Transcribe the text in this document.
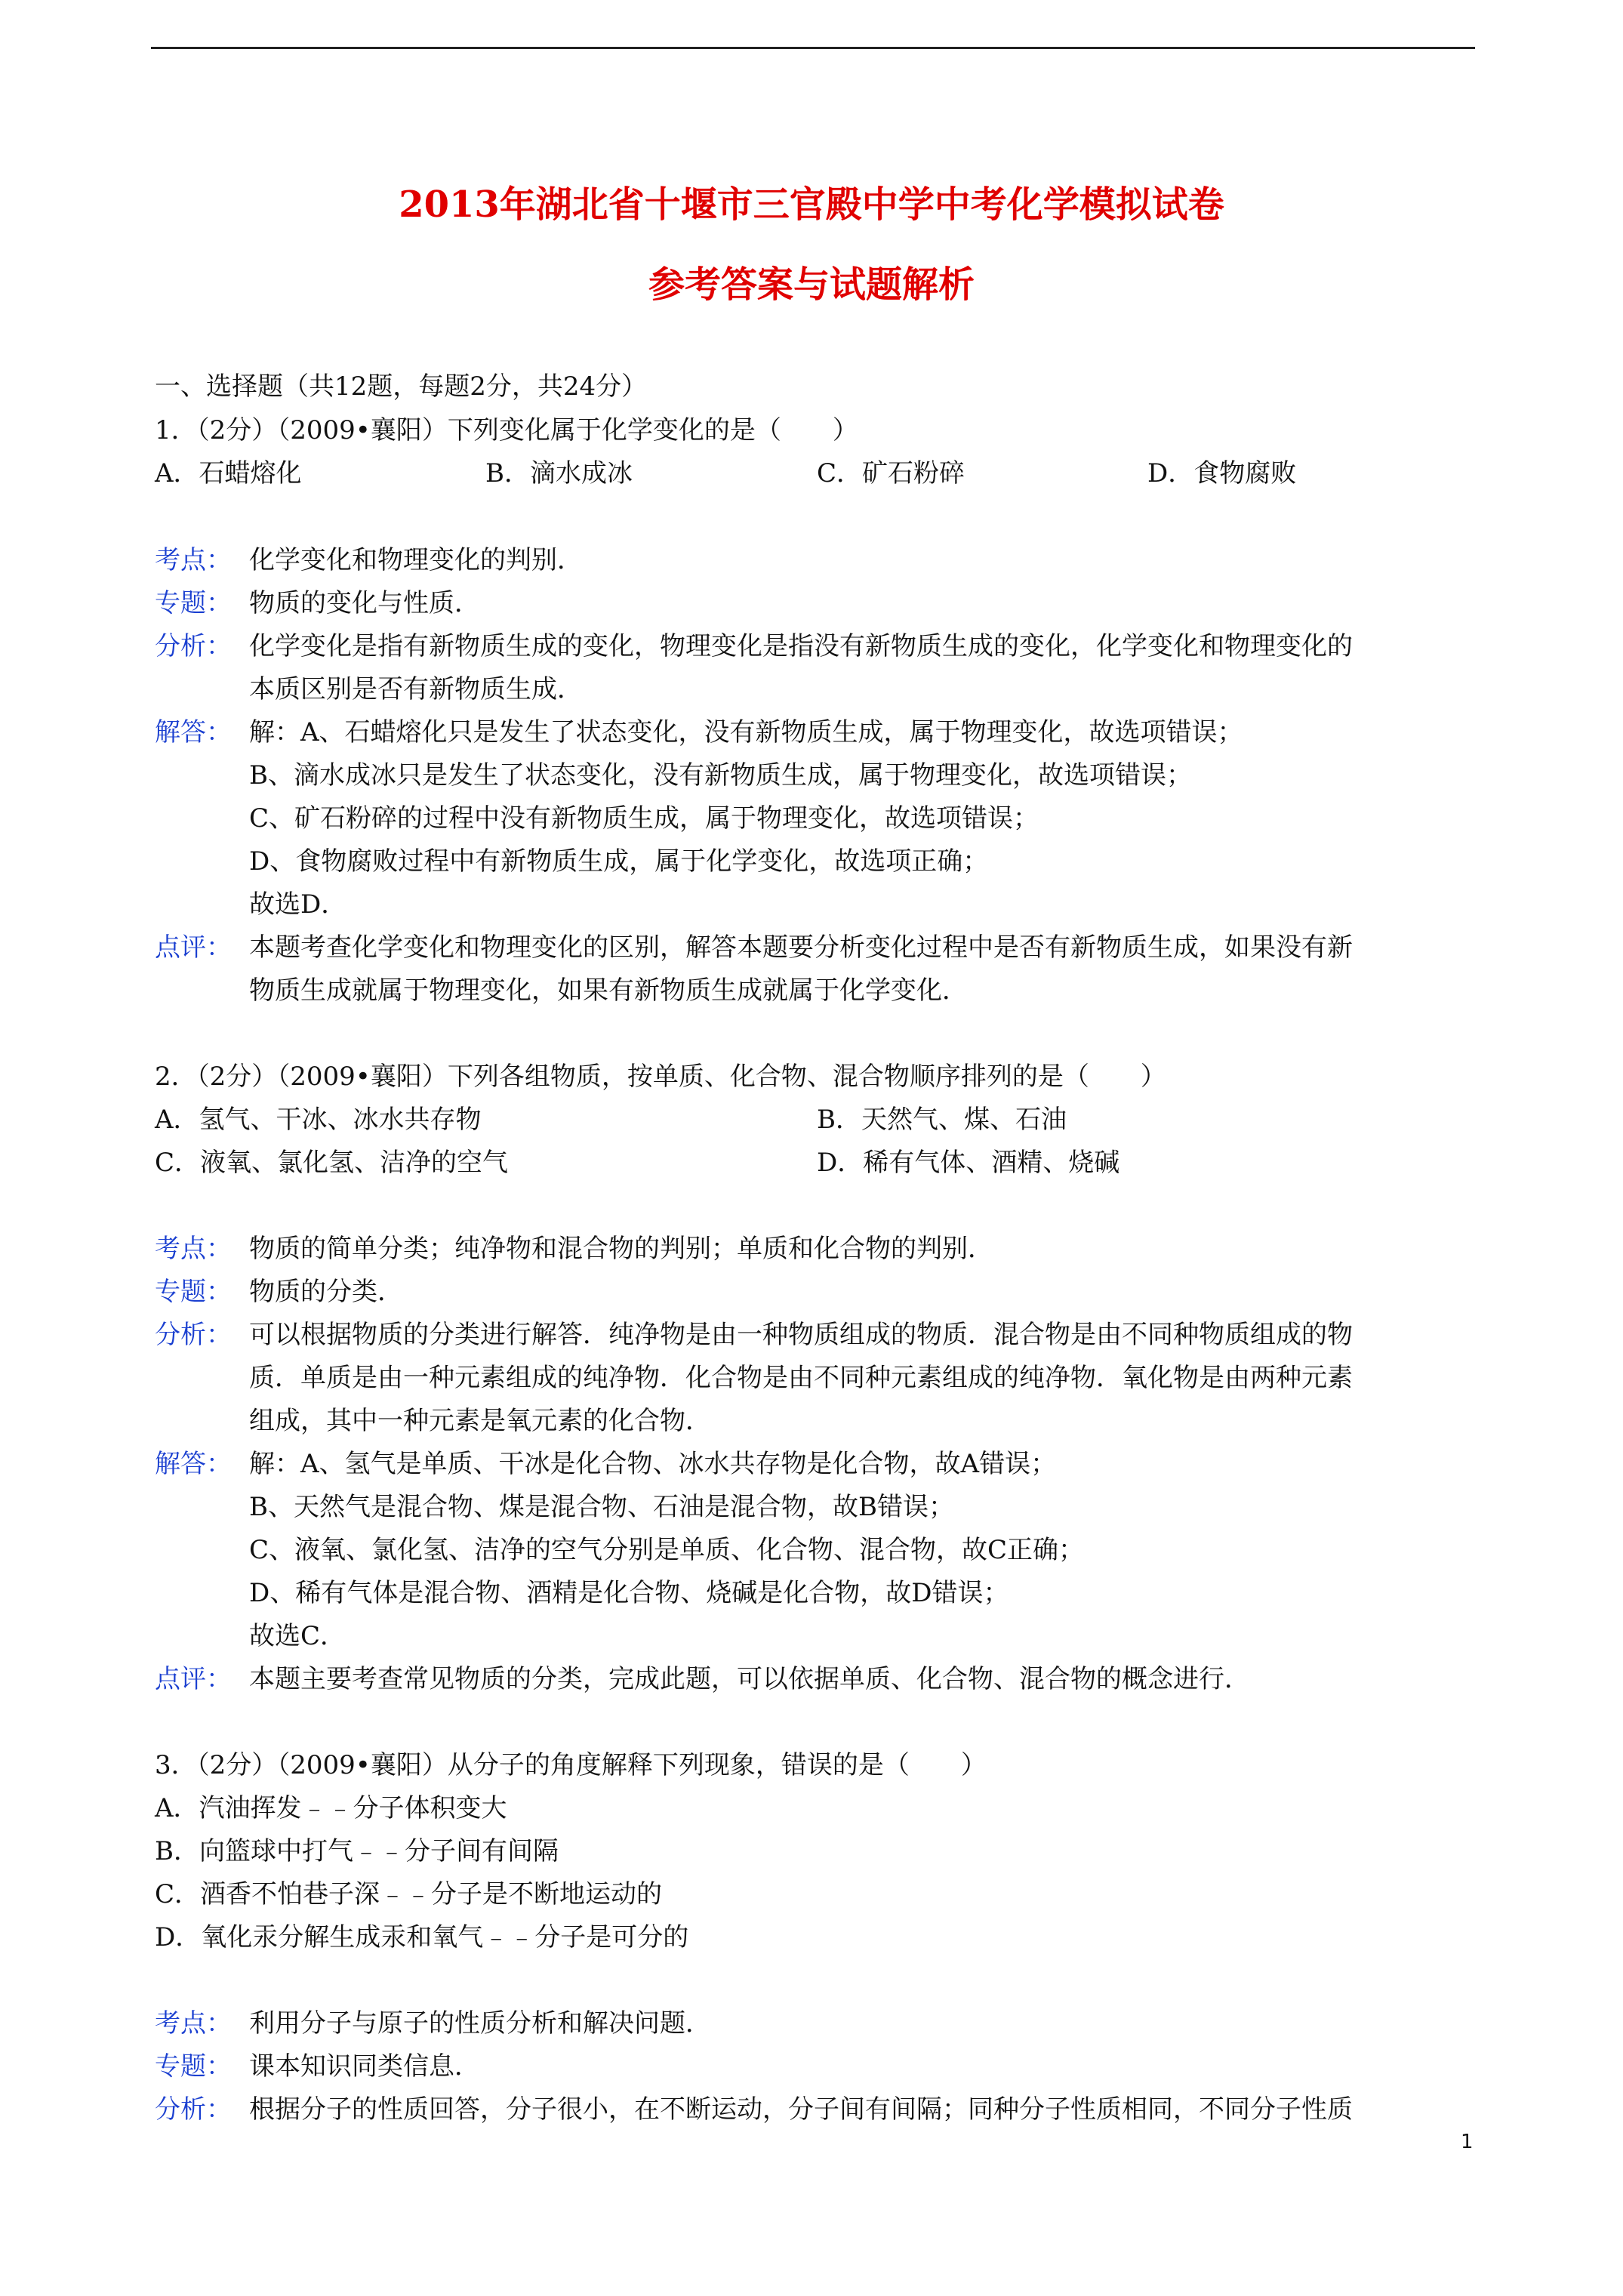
2013年湖北省十堰市三官殿中学中考化学模拟试卷
参考答案与试题解析
一、选择题（共12题，每题2分，共24分）
1．（2分）（2009•襄阳）下列变化属于化学变化的是（　　）
A．石蜡熔化	B．滴水成冰	C．矿石粉碎	D．食物腐败
考点： 化学变化和物理变化的判别．
专题： 物质的变化与性质．
分析： 化学变化是指有新物质生成的变化，物理变化是指没有新物质生成的变化，化学变化和物理变化的
本质区别是否有新物质生成．
解答： 解：A、石蜡熔化只是发生了状态变化，没有新物质生成，属于物理变化，故选项错误；
B、滴水成冰只是发生了状态变化，没有新物质生成，属于物理变化，故选项错误；
C、矿石粉碎的过程中没有新物质生成，属于物理变化，故选项错误；
D、食物腐败过程中有新物质生成，属于化学变化，故选项正确；
故选D．
点评： 本题考查化学变化和物理变化的区别，解答本题要分析变化过程中是否有新物质生成，如果没有新
物质生成就属于物理变化，如果有新物质生成就属于化学变化．
2．（2分）（2009•襄阳）下列各组物质，按单质、化合物、混合物顺序排列的是（　　）
A．氢气、干冰、冰水共存物	B．天然气、煤、石油
C．液氧、氯化氢、洁净的空气	D．稀有气体、酒精、烧碱
考点： 物质的简单分类；纯净物和混合物的判别；单质和化合物的判别．
专题： 物质的分类．
分析： 可以根据物质的分类进行解答．纯净物是由一种物质组成的物质．混合物是由不同种物质组成的物
质．单质是由一种元素组成的纯净物．化合物是由不同种元素组成的纯净物．氧化物是由两种元素
组成，其中一种元素是氧元素的化合物．
解答： 解：A、氢气是单质、干冰是化合物、冰水共存物是化合物，故A错误；
B、天然气是混合物、煤是混合物、石油是混合物，故B错误；
C、液氧、氯化氢、洁净的空气分别是单质、化合物、混合物，故C正确；
D、稀有气体是混合物、酒精是化合物、烧碱是化合物，故D错误；
故选C．
点评： 本题主要考查常见物质的分类，完成此题，可以依据单质、化合物、混合物的概念进行．
3．（2分）（2009•襄阳）从分子的角度解释下列现象，错误的是（　　）
A．汽油挥发﹣﹣分子体积变大
B．向篮球中打气﹣﹣分子间有间隔
C．酒香不怕巷子深﹣﹣分子是不断地运动的
D．氧化汞分解生成汞和氧气﹣﹣分子是可分的
考点： 利用分子与原子的性质分析和解决问题．
专题： 课本知识同类信息．
分析： 根据分子的性质回答，分子很小，在不断运动，分子间有间隔；同种分子性质相同，不同分子性质
1
